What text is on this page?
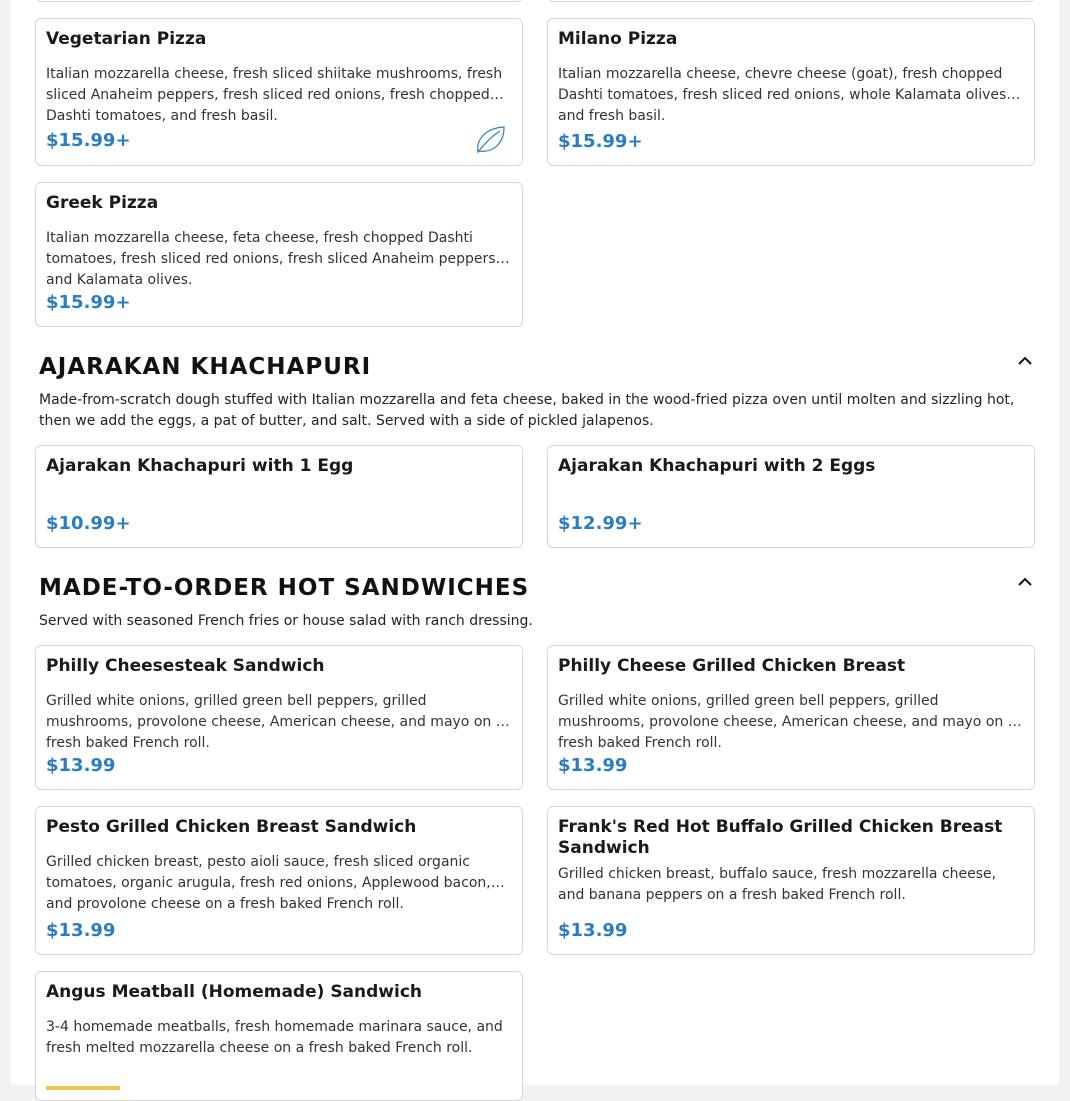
Vegetarian Pizza
Italian mozzarella cheese, fresh sliced shiitake mushrooms, fresh sliced Anaheim peppers, fresh sliced red onions, fresh chopped Dashti tomatoes, and fresh basil.
$15.99+
Milano Pizza
Italian mozzarella cheese, chevre cheese (goat), fresh chopped Dashti tomatoes, fresh sliced red onions, whole Kalamata olives, and fresh basil.
$15.99+
Greek Pizza
Italian mozzarella cheese, feta cheese, fresh chopped Dashti tomatoes, fresh sliced red onions, fresh sliced Anaheim peppers, and Kalamata olives.
$15.99+
AJARAKAN KHACHAPURI
Made-from-scratch dough stuffed with Italian mozzarella and feta cheese, baked in the wood-fried pizza oven until molten and sizzling hot, then we add the eggs, a pat of butter, and salt. Served with a side of pickled jalapenos.
Ajarakan Khachapuri with 1 Egg
$10.99+
Ajarakan Khachapuri with 2 Eggs
$12.99+
MADE-TO-ORDER HOT SANDWICHES
Served with seasoned French fries or house salad with ranch dressing.
Philly Cheesesteak Sandwich
Grilled white onions, grilled green bell peppers, grilled mushrooms, provolone cheese, American cheese, and mayo on a fresh baked French roll.
$13.99
Philly Cheese Grilled Chicken Breast
Grilled white onions, grilled green bell peppers, grilled mushrooms, provolone cheese, American cheese, and mayo on a fresh baked French roll.
$13.99
Pesto Grilled Chicken Breast Sandwich
Grilled chicken breast, pesto aioli sauce, fresh sliced organic tomatoes, organic arugula, fresh red onions, Applewood bacon, and provolone cheese on a fresh baked French roll.
$13.99
Frank's Red Hot Buffalo Grilled Chicken Breast Sandwich
Grilled chicken breast, buffalo sauce, fresh mozzarella cheese, and banana peppers on a fresh baked French roll.
$13.99
Angus Meatball (Homemade) Sandwich
3-4 homemade meatballs, fresh homemade marinara sauce, and fresh melted mozzarella cheese on a fresh baked French roll.
